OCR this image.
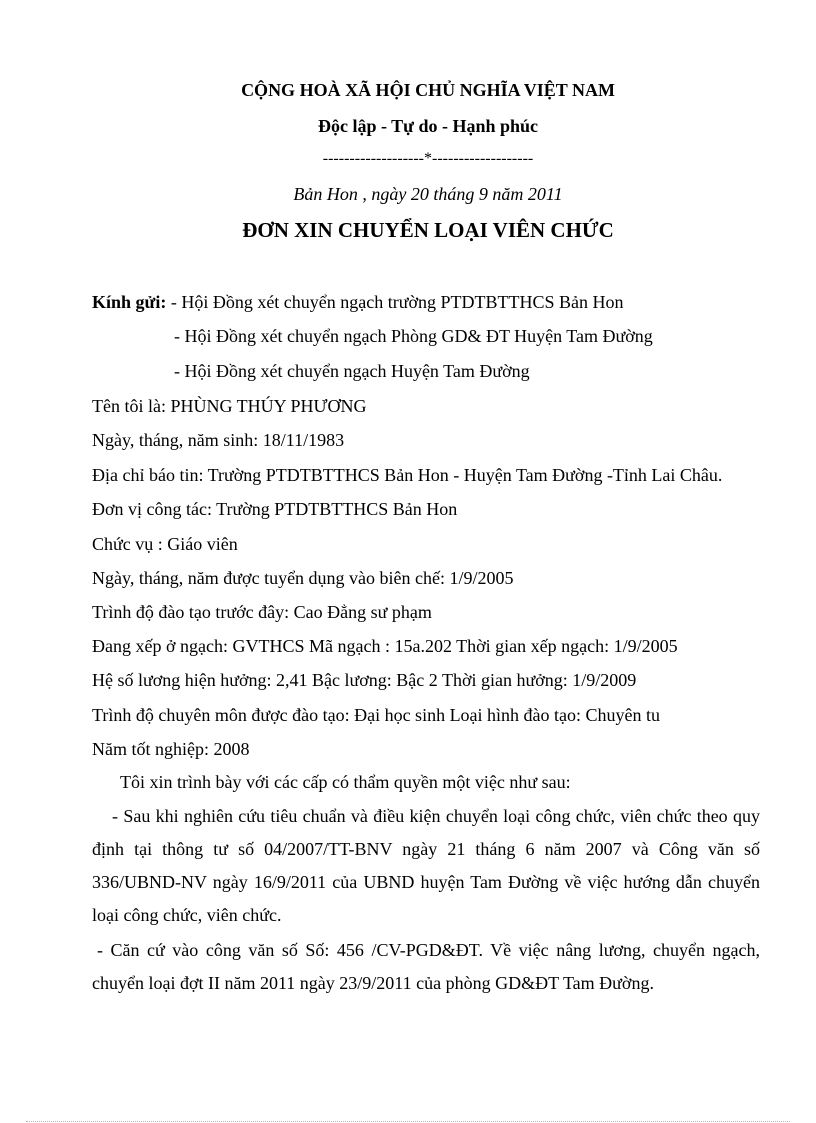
CỘNG HOÀ XÃ HỘI CHỦ NGHĨA VIỆT NAM
Độc lập - Tự do - Hạnh phúc
-------------------*-------------------
Bản Hon , ngày 20 tháng 9 năm 2011
ĐƠN XIN CHUYỂN LOẠI VIÊN CHỨC
Kính gửi: - Hội Đồng xét chuyển ngạch trường PTDTBTTHCS Bản Hon
- Hội Đồng xét chuyển ngạch Phòng GD& ĐT Huyện Tam Đường
- Hội Đồng xét chuyển ngạch Huyện Tam Đường
Tên tôi là: PHÙNG THÚY PHƯƠNG
Ngày, tháng, năm sinh: 18/11/1983
Địa chỉ báo tin: Trường PTDTBTTHCS Bản Hon - Huyện Tam Đường -Tỉnh Lai Châu.
Đơn vị công tác: Trường PTDTBTTHCS Bản Hon
Chức vụ : Giáo viên
Ngày, tháng, năm được tuyển dụng vào biên chế: 1/9/2005
Trình độ đào tạo trước đây: Cao Đẳng sư phạm
Đang xếp ở ngạch: GVTHCS Mã ngạch : 15a.202 Thời gian xếp ngạch: 1/9/2005
Hệ số lương hiện hưởng: 2,41 Bậc lương: Bậc 2 Thời gian hưởng: 1/9/2009
Trình độ chuyên môn được đào tạo: Đại học sinh Loại hình đào tạo: Chuyên tu
Năm tốt nghiệp: 2008
Tôi xin trình bày với các cấp có thẩm quyền một việc như sau:
- Sau khi nghiên cứu tiêu chuẩn và điều kiện chuyển loại công chức, viên chức theo quy định tại thông tư số 04/2007/TT-BNV ngày 21 tháng 6 năm 2007 và Công văn số 336/UBND-NV ngày 16/9/2011 của UBND huyện Tam Đường về việc hướng dẫn chuyển loại công chức, viên chức.
- Căn cứ vào công văn số Số: 456 /CV-PGD&ĐT. Về việc nâng lương, chuyển ngạch, chuyển loại đợt II năm 2011 ngày 23/9/2011 của phòng GD&ĐT Tam Đường.
